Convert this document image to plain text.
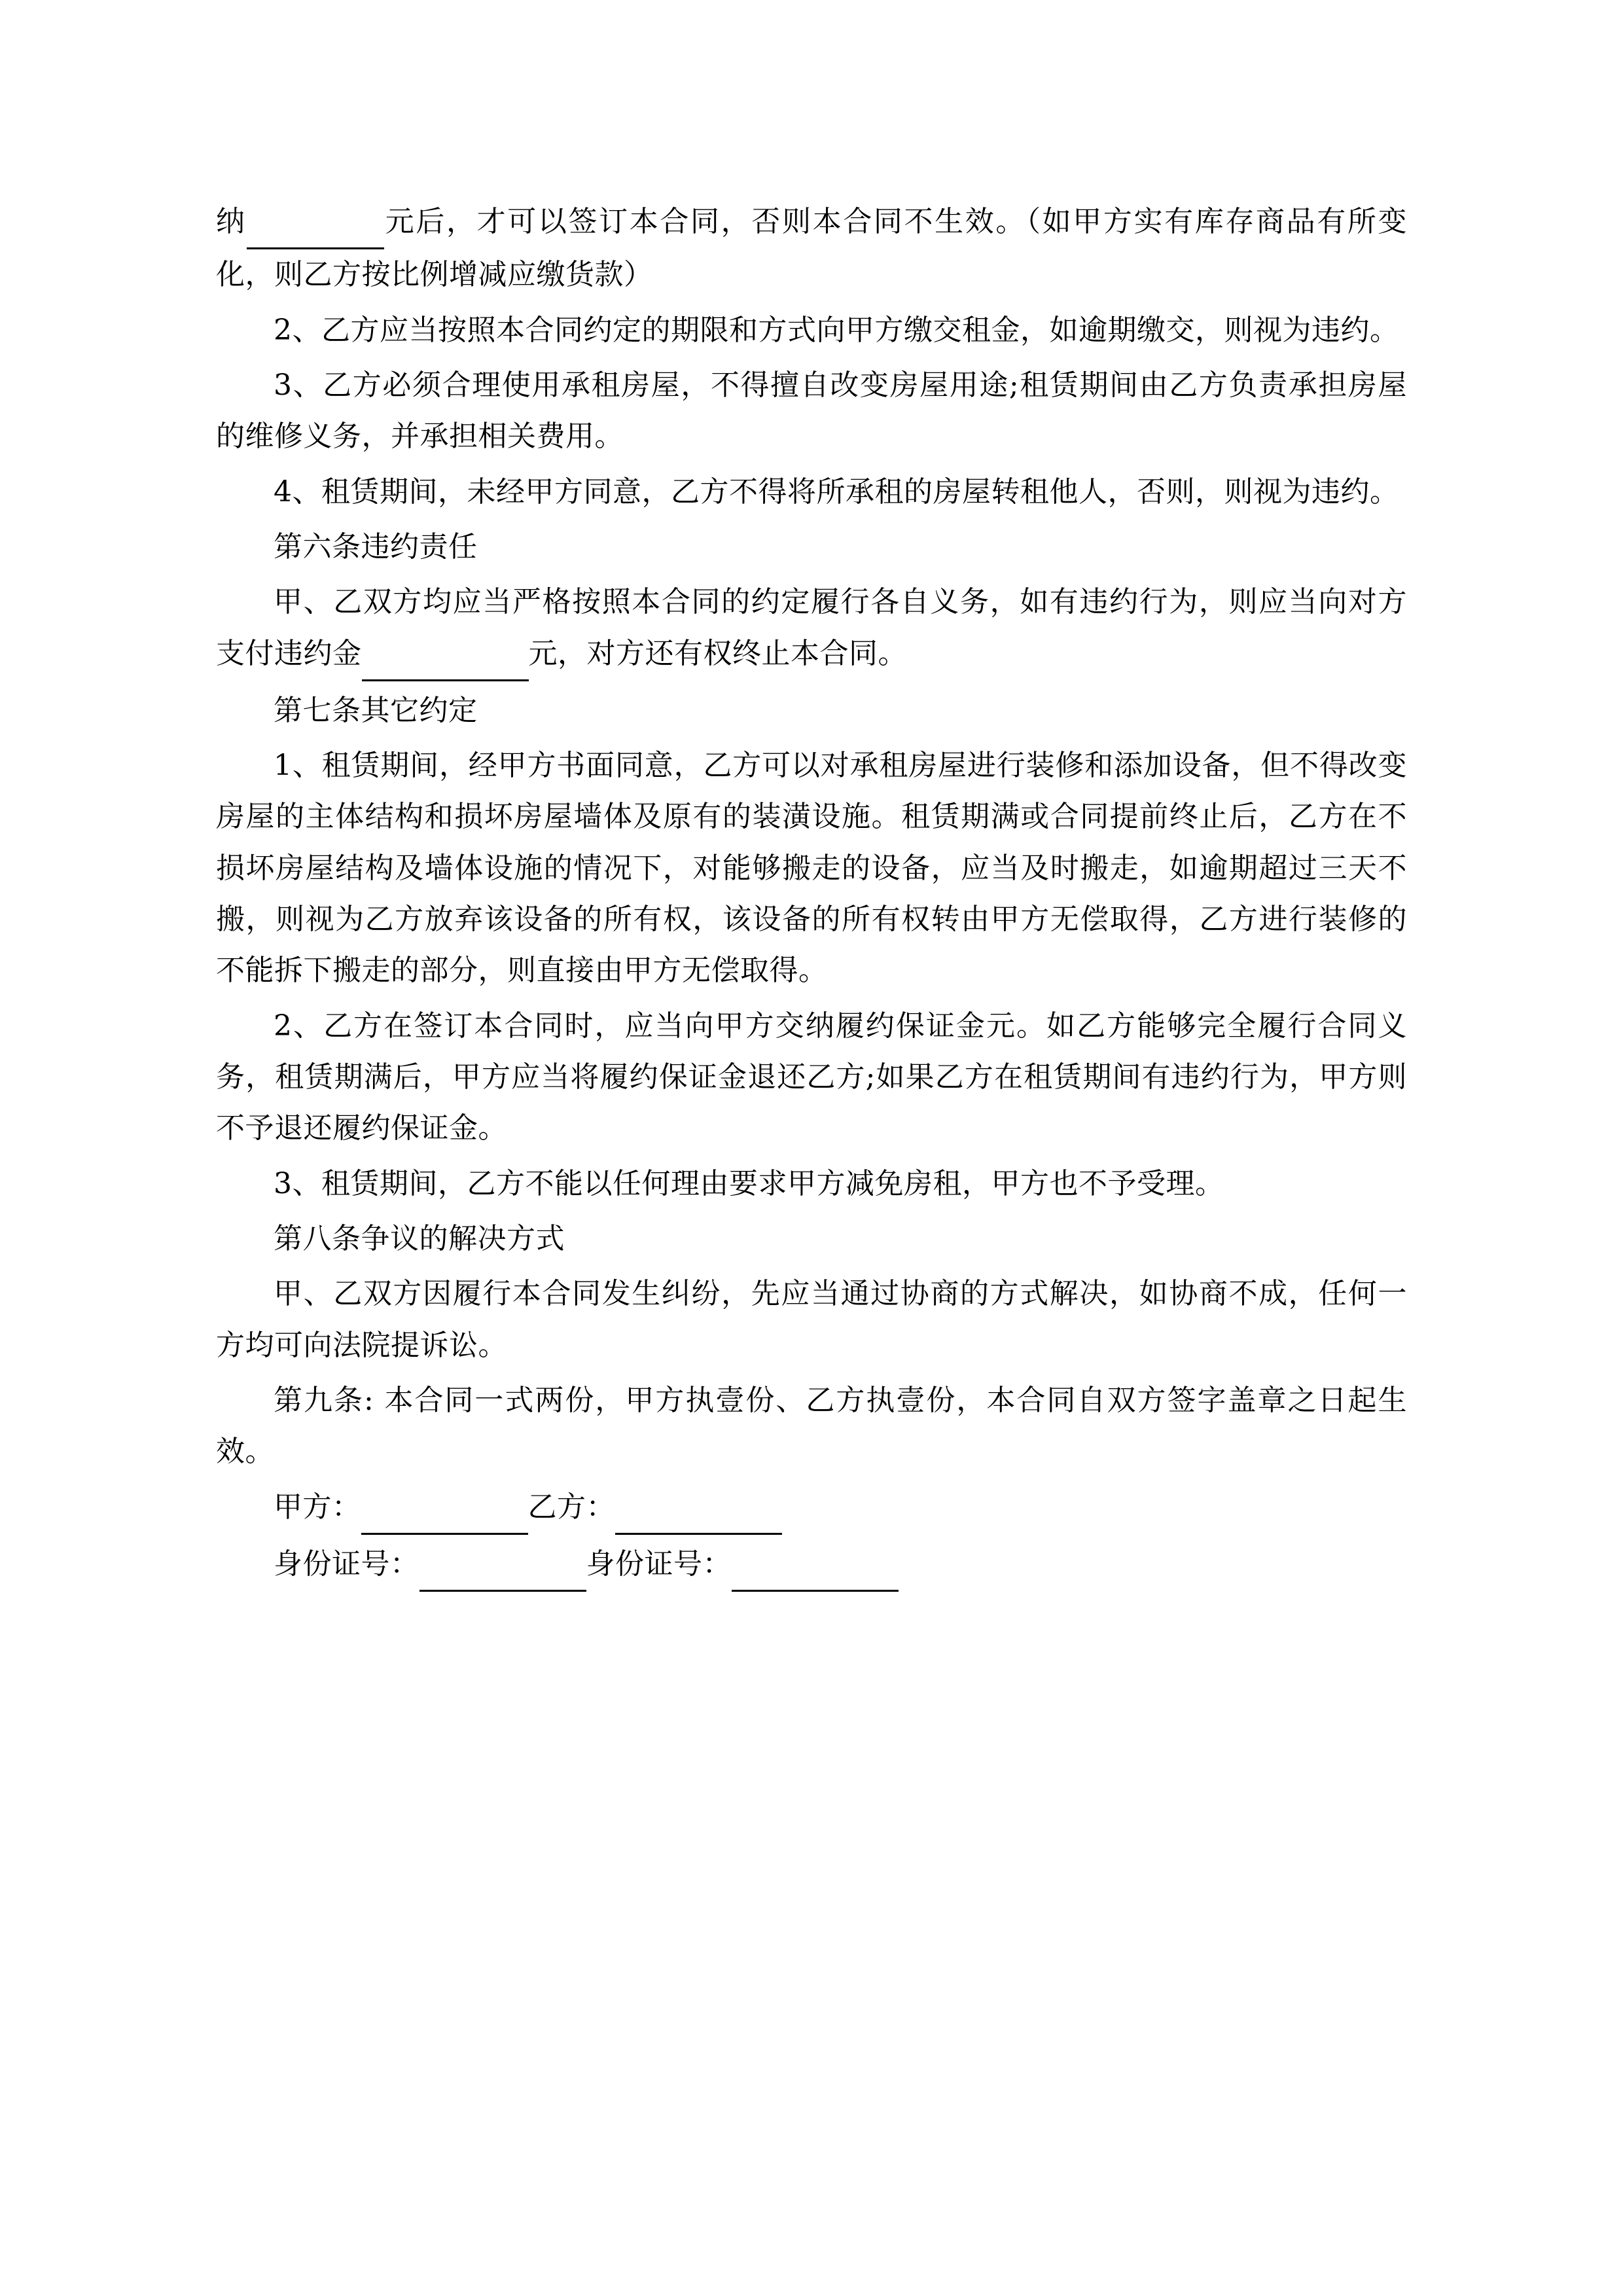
纳	元后，才可以签订本合同，否则本合同不生效。（如甲方实有库存商品有所变化，则乙方按比例增减应缴货款）
2、乙方应当按照本合同约定的期限和方式向甲方缴交租金，如逾期缴交，则视为违约。
3、乙方必须合理使用承租房屋，不得擅自改变房屋用途;租赁期间由乙方负责承担房屋的维修义务，并承担相关费用。
4、租赁期间，未经甲方同意，乙方不得将所承租的房屋转租他人，否则，则视为违约。
第六条违约责任
甲、乙双方均应当严格按照本合同的约定履行各自义务，如有违约行为，则应当向对方支付违约金	元，对方还有权终止本合同。
第七条其它约定
1、租赁期间，经甲方书面同意，乙方可以对承租房屋进行装修和添加设备，但不得改变房屋的主体结构和损坏房屋墙体及原有的装潢设施。租赁期满或合同提前终止后，乙方在不损坏房屋结构及墙体设施的情况下，对能够搬走的设备，应当及时搬走，如逾期超过三天不搬，则视为乙方放弃该设备的所有权，该设备的所有权转由甲方无偿取得，乙方进行装修的不能拆下搬走的部分，则直接由甲方无偿取得。
2、乙方在签订本合同时，应当向甲方交纳履约保证金元。如乙方能够完全履行合同义务，租赁期满后，甲方应当将履约保证金退还乙方;如果乙方在租赁期间有违约行为，甲方则不予退还履约保证金。
3、租赁期间，乙方不能以任何理由要求甲方减免房租，甲方也不予受理。
第八条争议的解决方式
甲、乙双方因履行本合同发生纠纷，先应当通过协商的方式解决，如协商不成，任何一方均可向法院提诉讼。
第九条: 本合同一式两份，甲方执壹份、乙方执壹份，本合同自双方签字盖章之日起生效。
甲方：	乙方：
身份证号：	身份证号：
